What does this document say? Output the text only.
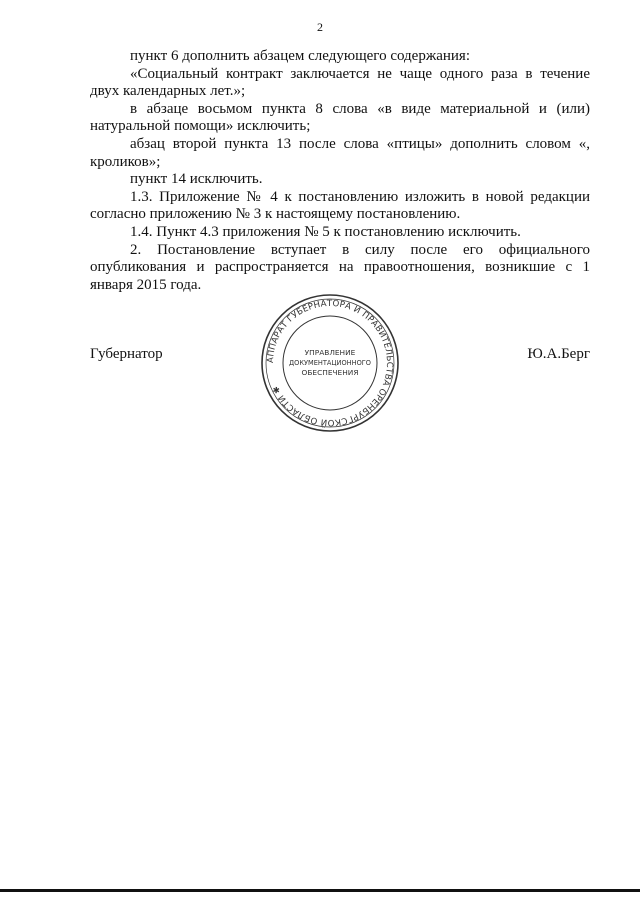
2

пункт 6 дополнить абзацем следующего содержания:

«Социальный контракт заключается не чаще одного раза в течение двух календарных лет.»;

в абзаце восьмом пункта 8 слова «в виде материальной и (или) натуральной помощи» исключить;

абзац второй пункта 13 после слова «птицы» дополнить словом «, кроликов»;

пункт 14 исключить.

1.3. Приложение № 4 к постановлению изложить в новой редакции согласно приложению № 3 к настоящему постановлению.

1.4. Пункт 4.3 приложения № 5 к постановлению исключить.

2. Постановление вступает в силу после его официального опубликования и распространяется на правоотношения, возникшие с 1 января 2015 года.

Губернатор	Ю.А.Берг
АППАРАТ ГУБЕРНАТОРА И ПРАВИТЕЛЬСТВА ОРЕНБУРГСКОЙ ОБЛАСТИ ✱
УПРАВЛЕНИЕ
ДОКУМЕНТАЦИОННОГО
ОБЕСПЕЧЕНИЯ
